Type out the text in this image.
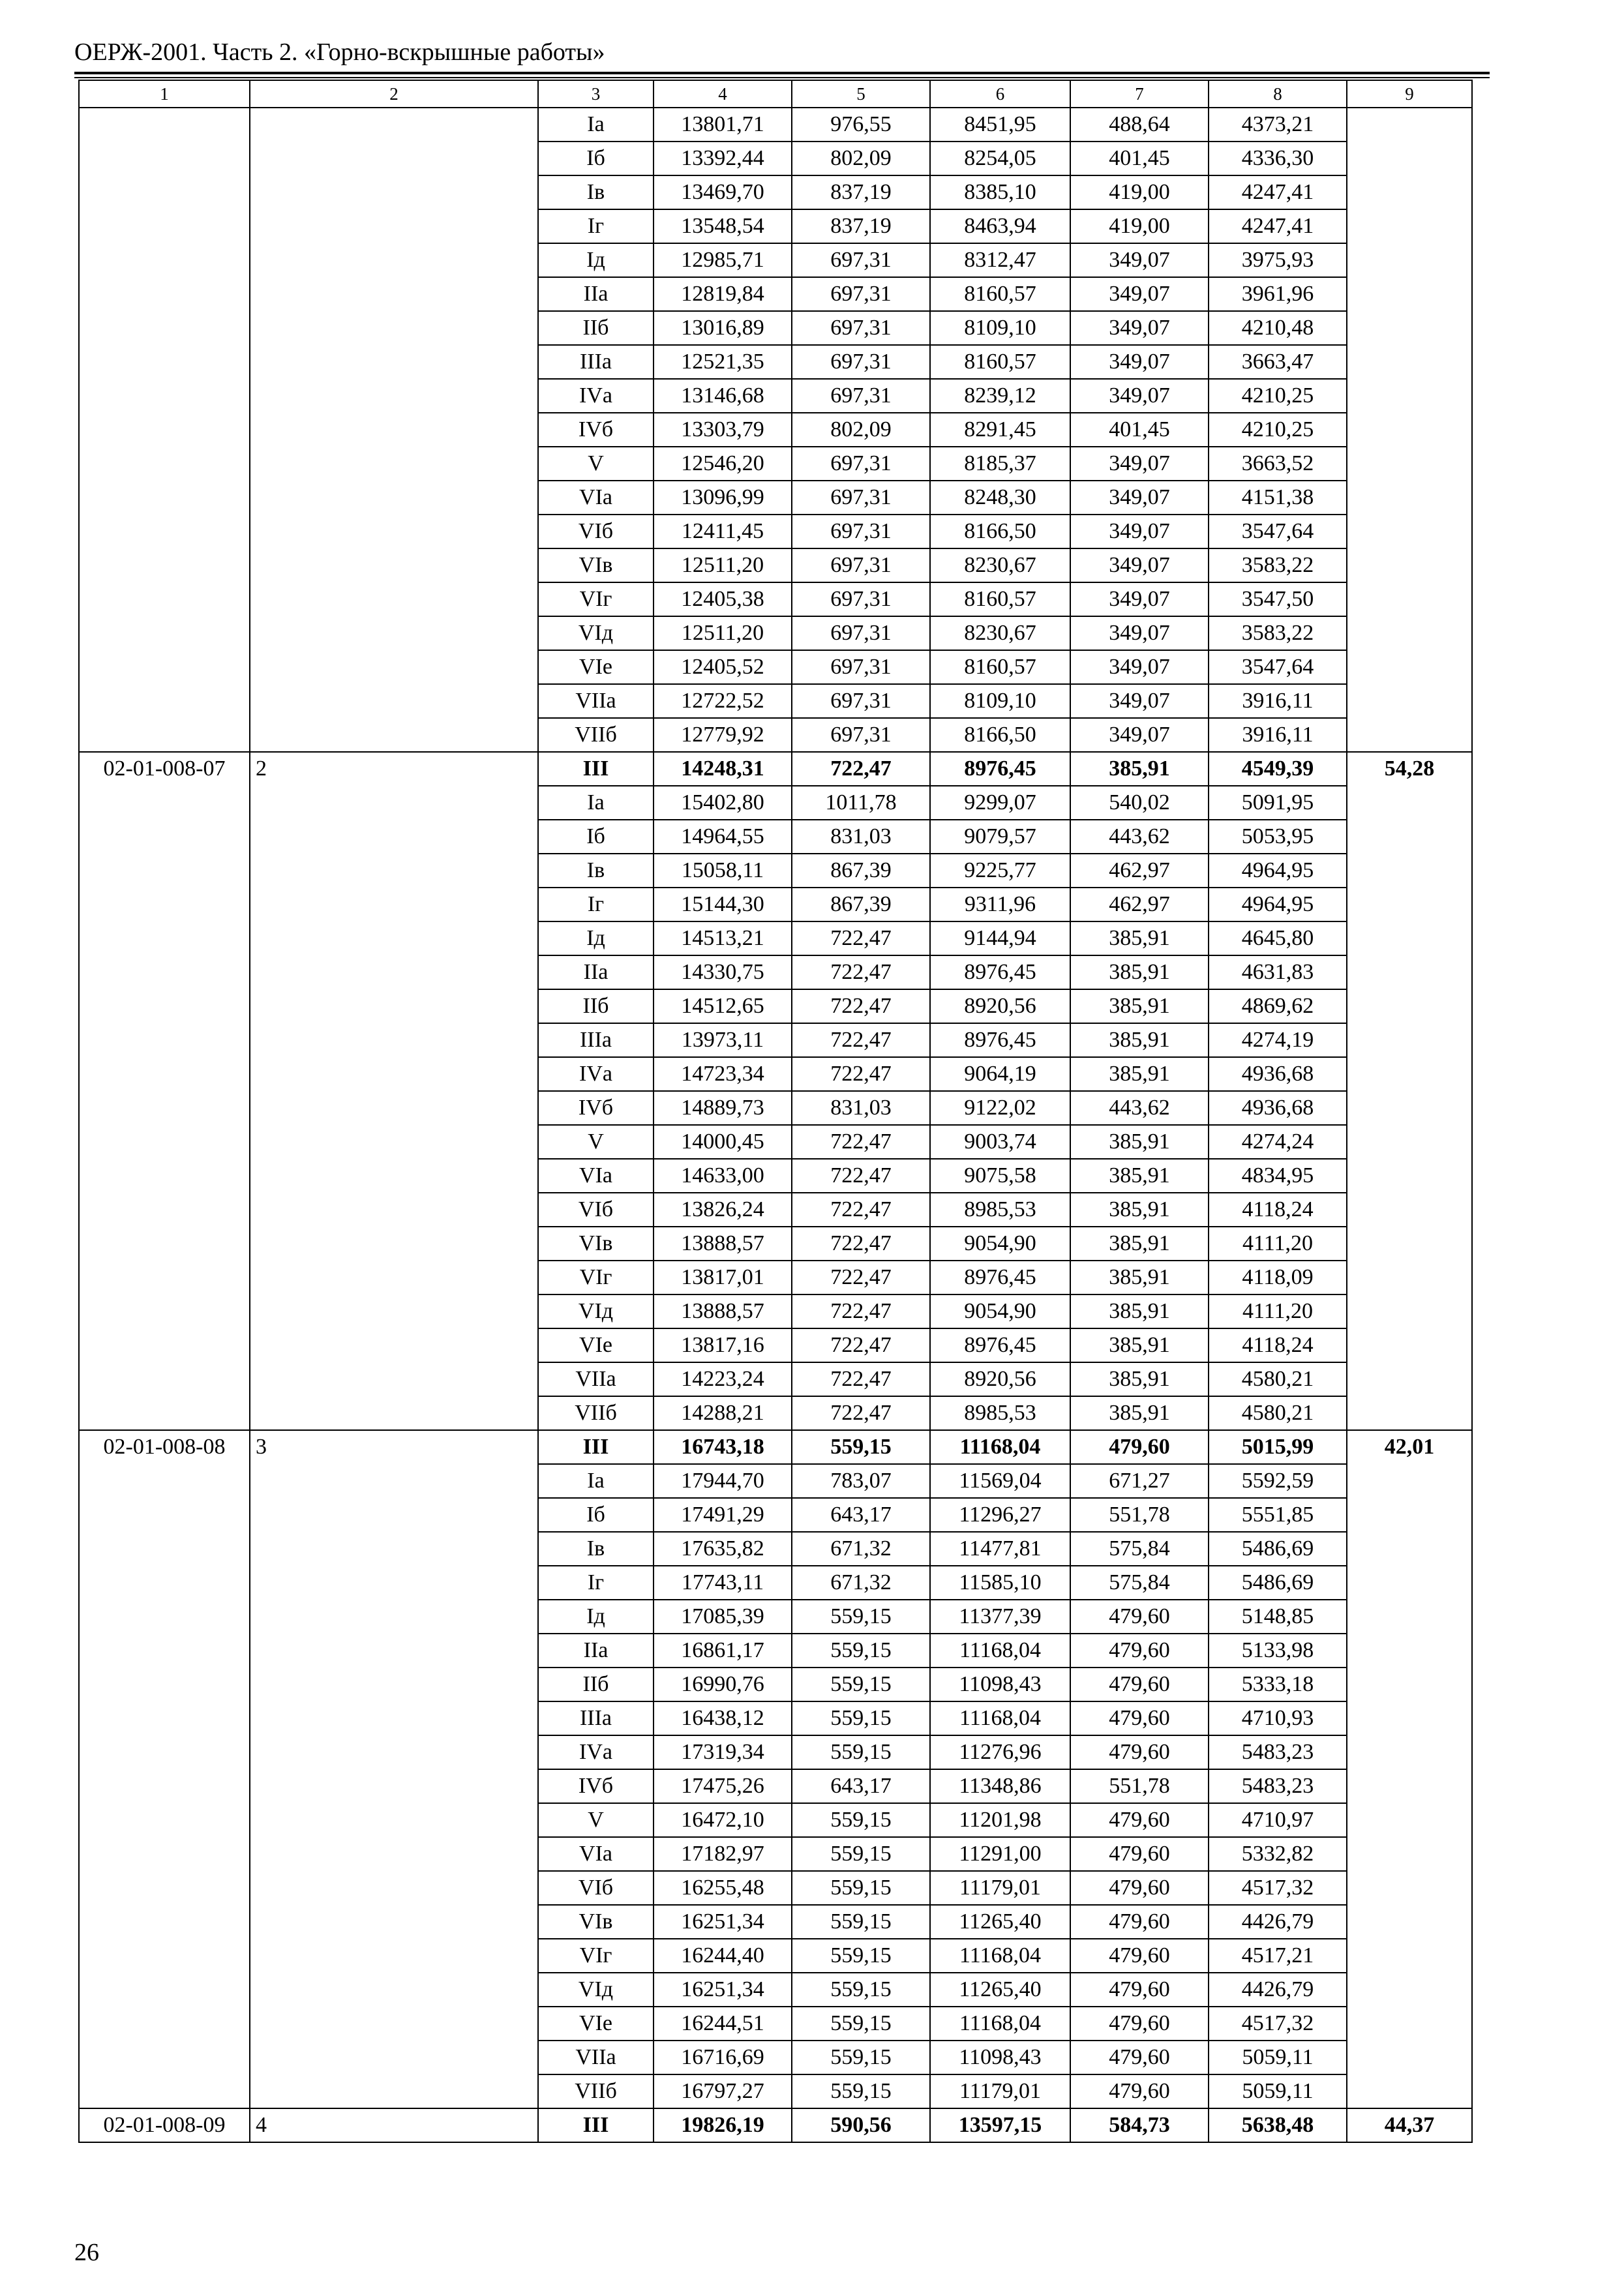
ОЕРЖ-2001. Часть 2. «Горно-вскрышные работы»
1	2	3	4	5	6	7	8	9
		Iа	13801,71	976,55	8451,95	488,64	4373,21	
		Iб	13392,44	802,09	8254,05	401,45	4336,30	
		Iв	13469,70	837,19	8385,10	419,00	4247,41	
		Iг	13548,54	837,19	8463,94	419,00	4247,41	
		Iд	12985,71	697,31	8312,47	349,07	3975,93	
		IIа	12819,84	697,31	8160,57	349,07	3961,96	
		IIб	13016,89	697,31	8109,10	349,07	4210,48	
		IIIа	12521,35	697,31	8160,57	349,07	3663,47	
		IVа	13146,68	697,31	8239,12	349,07	4210,25	
		IVб	13303,79	802,09	8291,45	401,45	4210,25	
		V	12546,20	697,31	8185,37	349,07	3663,52	
		VIа	13096,99	697,31	8248,30	349,07	4151,38	
		VIб	12411,45	697,31	8166,50	349,07	3547,64	
		VIв	12511,20	697,31	8230,67	349,07	3583,22	
		VIг	12405,38	697,31	8160,57	349,07	3547,50	
		VIд	12511,20	697,31	8230,67	349,07	3583,22	
		VIе	12405,52	697,31	8160,57	349,07	3547,64	
		VIIа	12722,52	697,31	8109,10	349,07	3916,11	
		VIIб	12779,92	697,31	8166,50	349,07	3916,11	
02-01-008-07	2	III	14248,31	722,47	8976,45	385,91	4549,39	54,28
		Iа	15402,80	1011,78	9299,07	540,02	5091,95	
		Iб	14964,55	831,03	9079,57	443,62	5053,95	
		Iв	15058,11	867,39	9225,77	462,97	4964,95	
		Iг	15144,30	867,39	9311,96	462,97	4964,95	
		Iд	14513,21	722,47	9144,94	385,91	4645,80	
		IIа	14330,75	722,47	8976,45	385,91	4631,83	
		IIб	14512,65	722,47	8920,56	385,91	4869,62	
		IIIа	13973,11	722,47	8976,45	385,91	4274,19	
		IVа	14723,34	722,47	9064,19	385,91	4936,68	
		IVб	14889,73	831,03	9122,02	443,62	4936,68	
		V	14000,45	722,47	9003,74	385,91	4274,24	
		VIа	14633,00	722,47	9075,58	385,91	4834,95	
		VIб	13826,24	722,47	8985,53	385,91	4118,24	
		VIв	13888,57	722,47	9054,90	385,91	4111,20	
		VIг	13817,01	722,47	8976,45	385,91	4118,09	
		VIд	13888,57	722,47	9054,90	385,91	4111,20	
		VIе	13817,16	722,47	8976,45	385,91	4118,24	
		VIIа	14223,24	722,47	8920,56	385,91	4580,21	
		VIIб	14288,21	722,47	8985,53	385,91	4580,21	
02-01-008-08	3	III	16743,18	559,15	11168,04	479,60	5015,99	42,01
		Iа	17944,70	783,07	11569,04	671,27	5592,59	
		Iб	17491,29	643,17	11296,27	551,78	5551,85	
		Iв	17635,82	671,32	11477,81	575,84	5486,69	
		Iг	17743,11	671,32	11585,10	575,84	5486,69	
		Iд	17085,39	559,15	11377,39	479,60	5148,85	
		IIа	16861,17	559,15	11168,04	479,60	5133,98	
		IIб	16990,76	559,15	11098,43	479,60	5333,18	
		IIIа	16438,12	559,15	11168,04	479,60	4710,93	
		IVа	17319,34	559,15	11276,96	479,60	5483,23	
		IVб	17475,26	643,17	11348,86	551,78	5483,23	
		V	16472,10	559,15	11201,98	479,60	4710,97	
		VIа	17182,97	559,15	11291,00	479,60	5332,82	
		VIб	16255,48	559,15	11179,01	479,60	4517,32	
		VIв	16251,34	559,15	11265,40	479,60	4426,79	
		VIг	16244,40	559,15	11168,04	479,60	4517,21	
		VIд	16251,34	559,15	11265,40	479,60	4426,79	
		VIе	16244,51	559,15	11168,04	479,60	4517,32	
		VIIа	16716,69	559,15	11098,43	479,60	5059,11	
		VIIб	16797,27	559,15	11179,01	479,60	5059,11	
02-01-008-09	4	III	19826,19	590,56	13597,15	584,73	5638,48	44,37
26
